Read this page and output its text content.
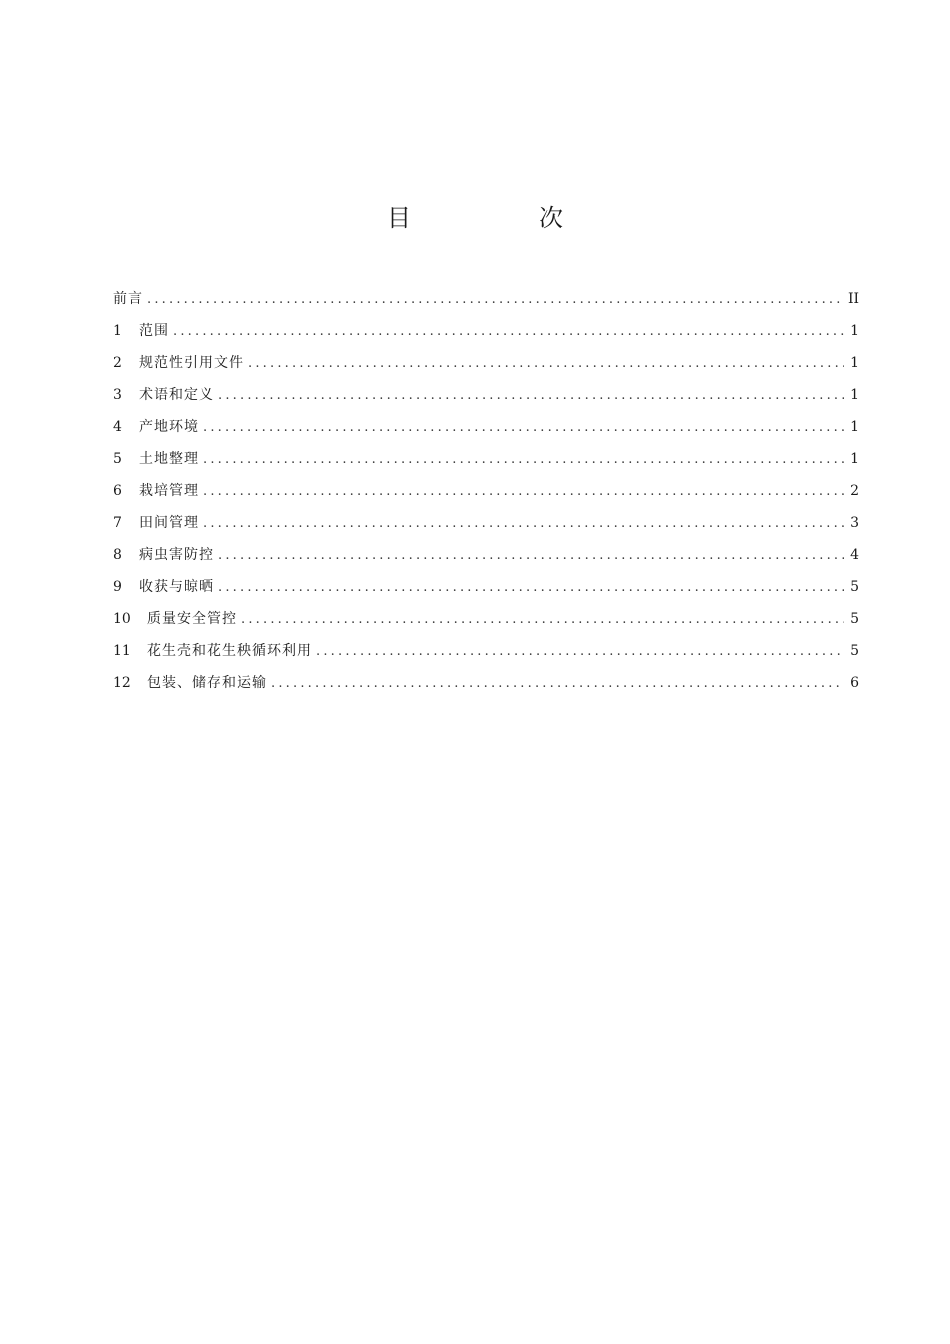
目　次
前言 .....	II
1	范围 .....	1
2	规范性引用文件 .....	1
3	术语和定义 .....	1
4	产地环境 .....	1
5	土地整理 .....	1
6	栽培管理 .....	2
7	田间管理 .....	3
8	病虫害防控 .....	4
9	收获与晾晒 .....	5
10	质量安全管控 .....	5
11	花生壳和花生秧循环利用 .....	5
12	包装、储存和运输 .....	6
